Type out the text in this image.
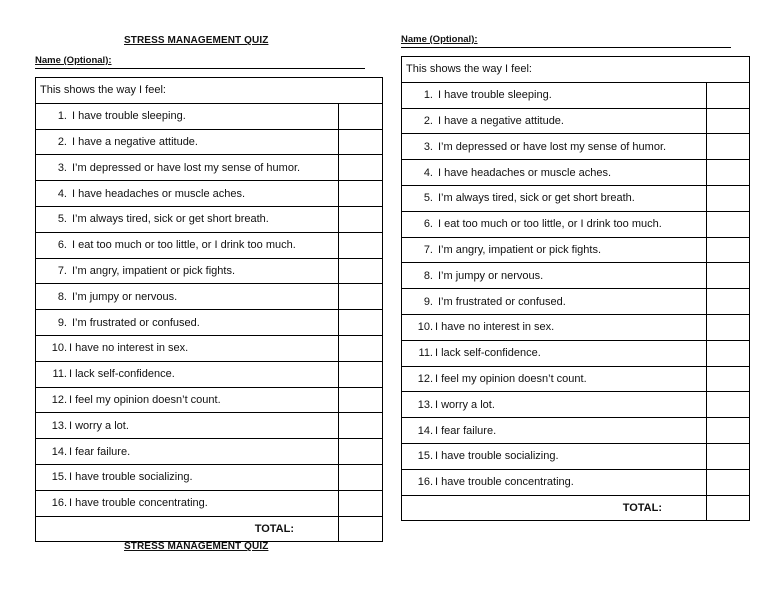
STRESS MANAGEMENT QUIZ
Name (Optional):
This shows the way I feel:	
1. I have trouble sleeping.	
2. I have a negative attitude.	
3. I’m depressed or have lost my sense of humor.	
4. I have headaches or muscle aches.	
5. I’m always tired, sick or get short breath.	
6. I eat too much or too little, or I drink too much.	
7. I’m angry, impatient or pick fights.	
8. I’m jumpy or nervous.	
9. I’m frustrated or confused.	
10. I have no interest in sex.	
11. I lack self-confidence.	
12. I feel my opinion doesn’t count.	
13. I worry a lot.	
14. I fear failure.	
15. I have trouble socializing.	
16. I have trouble concentrating.	
TOTAL:	
STRESS MANAGEMENT QUIZ
Name (Optional):
This shows the way I feel:	
1. I have trouble sleeping.	
2. I have a negative attitude.	
3. I’m depressed or have lost my sense of humor.	
4. I have headaches or muscle aches.	
5. I’m always tired, sick or get short breath.	
6. I eat too much or too little, or I drink too much.	
7. I’m angry, impatient or pick fights.	
8. I’m jumpy or nervous.	
9. I’m frustrated or confused.	
10. I have no interest in sex.	
11. I lack self-confidence.	
12. I feel my opinion doesn’t count.	
13. I worry a lot.	
14. I fear failure.	
15. I have trouble socializing.	
16. I have trouble concentrating.	
TOTAL:	
